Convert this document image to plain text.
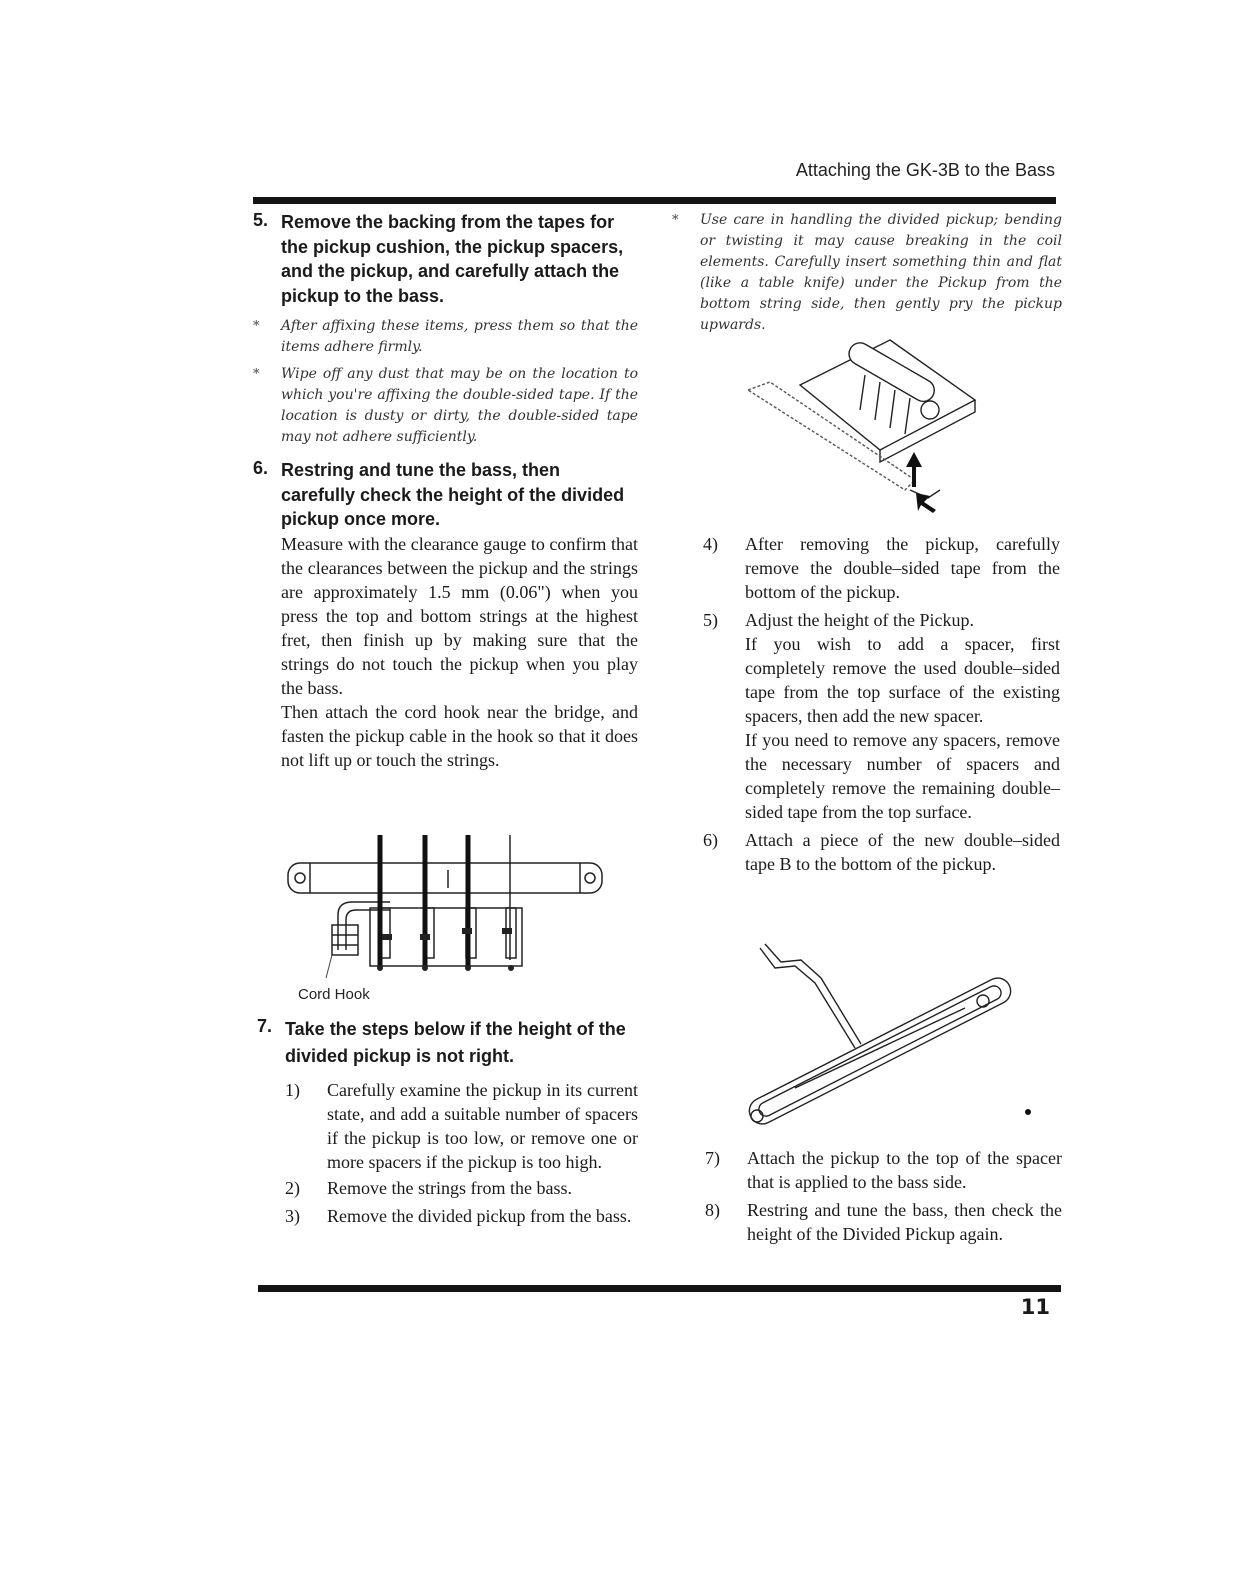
Attaching the GK-3B to the Bass
5. Remove the backing from the tapes for the pickup cushion, the pickup spacers, and the pickup, and carefully attach the pickup to the bass.
*	After affixing these items, press them so that the items adhere firmly.
*	Wipe off any dust that may be on the location to which you're affixing the double-sided tape. If the location is dusty or dirty, the double-sided tape may not adhere sufficiently.
6. Restring and tune the bass, then carefully check the height of the divided pickup once more.
Measure with the clearance gauge to confirm that the clearances between the pickup and the strings are approximately 1.5 mm (0.06") when you press the top and bottom strings at the highest fret, then finish up by making sure that the strings do not touch the pickup when you play the bass.
Then attach the cord hook near the bridge, and fasten the pickup cable in the hook so that it does not lift up or touch the strings.
Cord Hook
7. Take the steps below if the height of the divided pickup is not right.
1)	Carefully examine the pickup in its current state, and add a suitable number of spacers if the pickup is too low, or remove one or more spacers if the pickup is too high.
2)	Remove the strings from the bass.
3)	Remove the divided pickup from the bass.
*	Use care in handling the divided pickup; bending or twisting it may cause breaking in the coil elements. Carefully insert something thin and flat (like a table knife) under the Pickup from the bottom string side, then gently pry the pickup upwards.
4)	After removing the pickup, carefully remove the double–sided tape from the bottom of the pickup.
5)	Adjust the height of the Pickup.

If you wish to add a spacer, first completely remove the used double–sided tape from the top surface of the existing spacers, then add the new spacer.

If you need to remove any spacers, remove the necessary number of spacers and completely remove the remaining double–sided tape from the top surface.

6)	Attach a piece of the new double–sided tape B to the bottom of the pickup.
7)	Attach the pickup to the top of the spacer that is applied to the bass side.
8)	Restring and tune the bass, then check the height of the Divided Pickup again.
11
